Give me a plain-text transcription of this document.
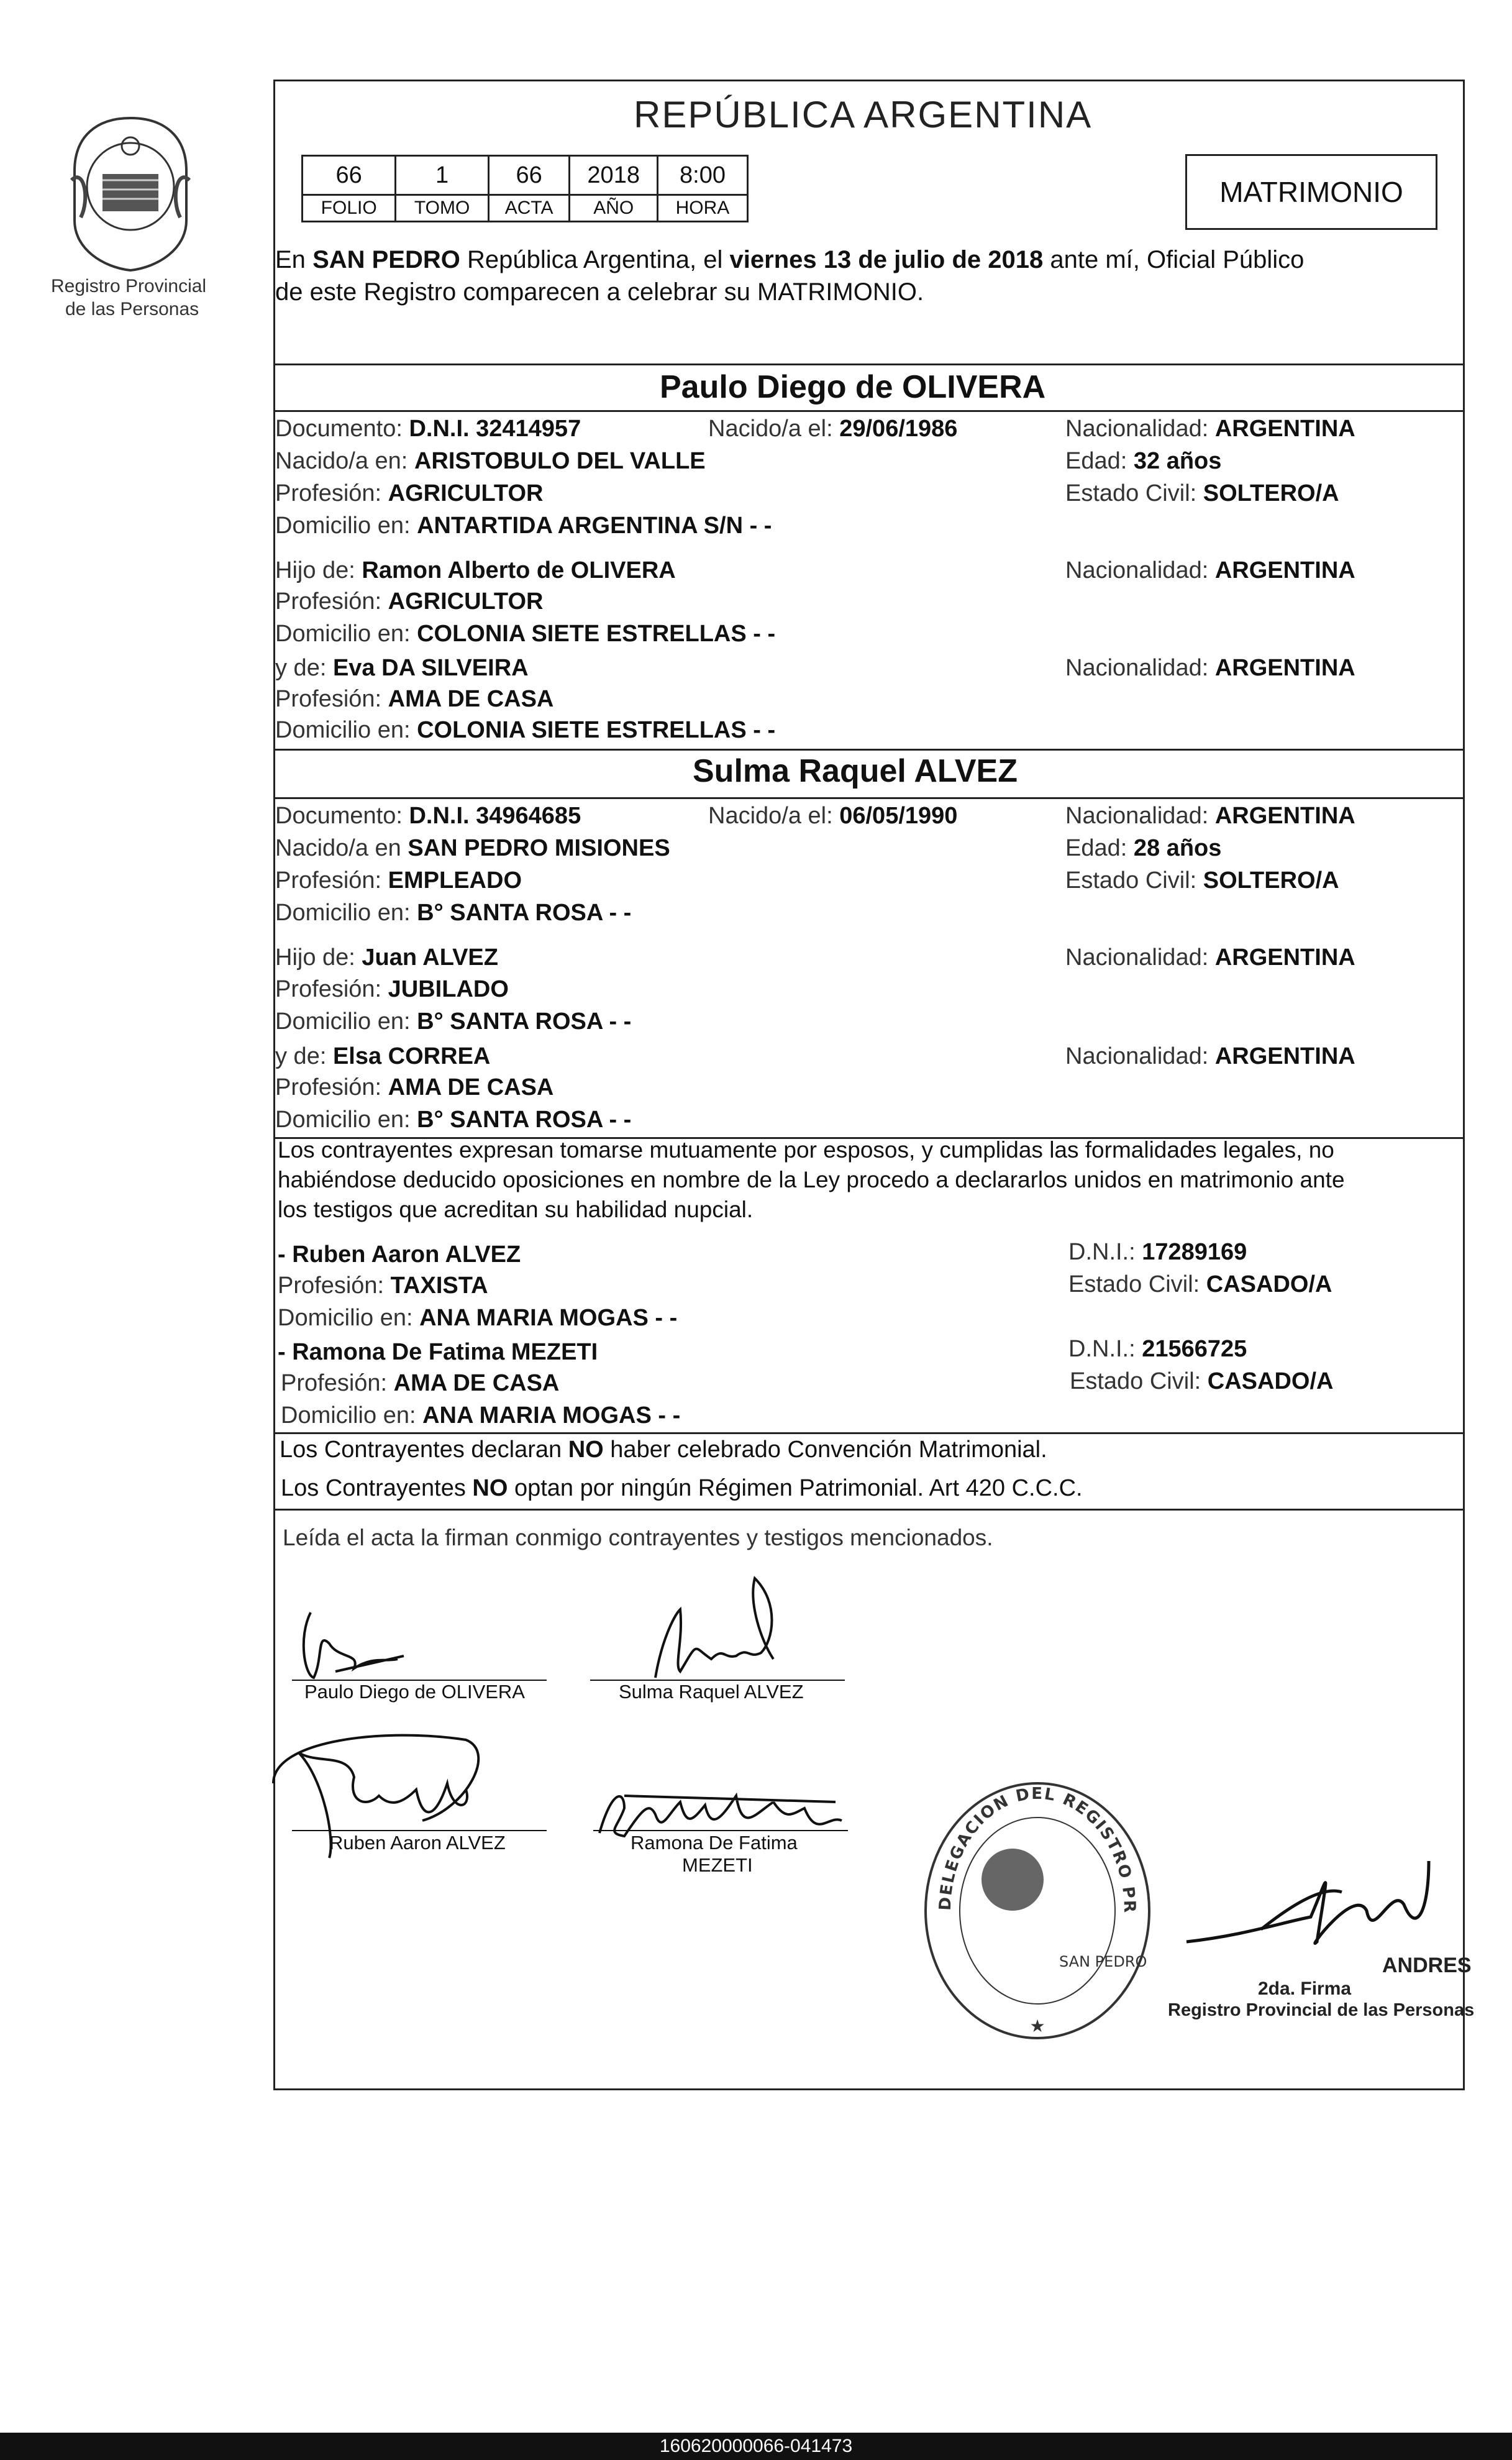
Registro Provincial
de las Personas
REPÚBLICA ARGENTINA
66	1	66	2018	8:00
FOLIO	TOMO	ACTA	AÑO	HORA	MATRIMONIO
En SAN PEDRO República Argentina, el viernes 13 de julio de 2018 ante mí, Oficial Público
de este Registro comparecen a celebrar su MATRIMONIO.
Paulo Diego de OLIVERA
Documento: D.N.I. 32414957	Nacido/a el: 29/06/1986	Nacionalidad: ARGENTINA
Nacido/a en: ARISTOBULO DEL VALLE	Edad: 32 años
Profesión: AGRICULTOR	Estado Civil: SOLTERO/A
Domicilio en: ANTARTIDA ARGENTINA S/N - -
Hijo de: Ramon Alberto de OLIVERA	Nacionalidad: ARGENTINA
Profesión: AGRICULTOR
Domicilio en: COLONIA SIETE ESTRELLAS - -
y de: Eva DA SILVEIRA	Nacionalidad: ARGENTINA
Profesión: AMA DE CASA
Domicilio en: COLONIA SIETE ESTRELLAS - -
Sulma Raquel ALVEZ
Documento: D.N.I. 34964685	Nacido/a el: 06/05/1990	Nacionalidad: ARGENTINA
Nacido/a en SAN PEDRO MISIONES	Edad: 28 años
Profesión: EMPLEADO	Estado Civil: SOLTERO/A
Domicilio en: B° SANTA ROSA - -
Hijo de: Juan ALVEZ	Nacionalidad: ARGENTINA
Profesión: JUBILADO
Domicilio en: B° SANTA ROSA - -
y de: Elsa CORREA	Nacionalidad: ARGENTINA
Profesión: AMA DE CASA
Domicilio en: B° SANTA ROSA - -
Los contrayentes expresan tomarse mutuamente por esposos, y cumplidas las formalidades legales, no
habiéndose deducido oposiciones en nombre de la Ley procedo a declararlos unidos en matrimonio ante
los testigos que acreditan su habilidad nupcial.
- Ruben Aaron ALVEZ	D.N.I.: 17289169
Profesión: TAXISTA	Estado Civil: CASADO/A
Domicilio en: ANA MARIA MOGAS - -
- Ramona De Fatima MEZETI	D.N.I.: 21566725
Profesión: AMA DE CASA	Estado Civil: CASADO/A
Domicilio en: ANA MARIA MOGAS - -
Los Contrayentes declaran NO haber celebrado Convención Matrimonial.
Los Contrayentes NO optan por ningún Régimen Patrimonial. Art 420 C.C.C.
Leída el acta la firman conmigo contrayentes y testigos mencionados.
Paulo Diego de OLIVERA	Sulma Raquel ALVEZ
Ruben Aaron ALVEZ	Ramona De Fatima
MEZETI
DELEGACION DEL REGISTRO PR
SAN PEDRO
★
ANDRES
2da. Firma
Registro Provincial de las Personas
160620000066-041473
